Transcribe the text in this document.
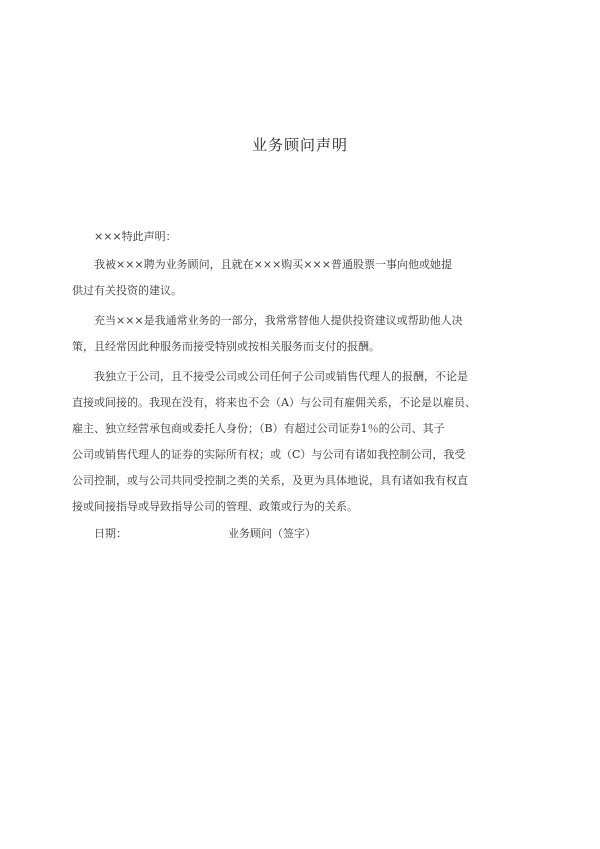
业务顾问声明
×××特此声明：
我被×××聘为业务顾问，且就在×××购买×××普通股票一事向他或她提
供过有关投资的建议。
充当×××是我通常业务的一部分，我常常替他人提供投资建议或帮助他人决
策，且经常因此种服务而接受特别或按相关服务而支付的报酬。
我独立于公司，且不接受公司或公司任何子公司或销售代理人的报酬，不论是
直接或间接的。我现在没有，将来也不会（A）与公司有雇佣关系，不论是以雇员、
雇主、独立经营承包商或委托人身份；（B）有超过公司证券1％的公司、其子
公司或销售代理人的证券的实际所有权；或（C）与公司有诸如我控制公司，我受
公司控制，或与公司共同受控制之类的关系，及更为具体地说，具有诸如我有权直
接或间接指导或导致指导公司的管理、政策或行为的关系。
日期：	业务顾问（签字）
